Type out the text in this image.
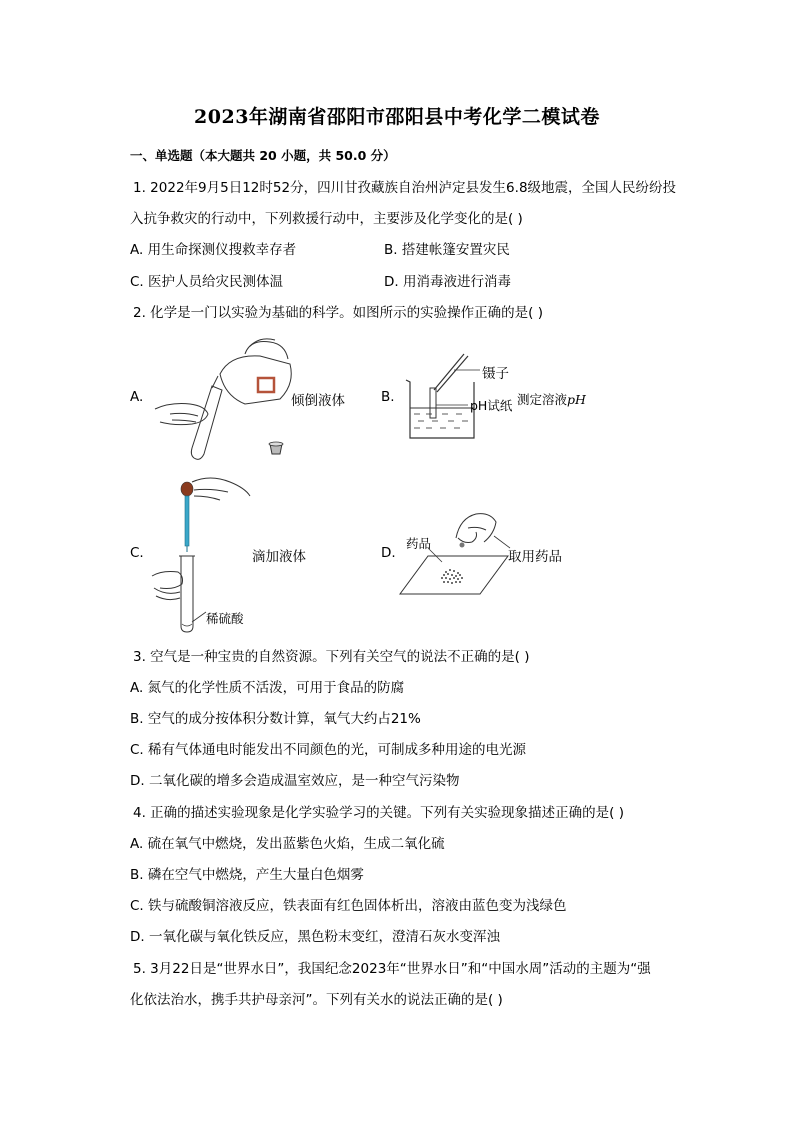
2023年湖南省邵阳市邵阳县中考化学二模试卷
一、单选题（本大题共 20 小题，共 50.0 分）
1. 2022年9月5日12时52分，四川甘孜藏族自治州泸定县发生6.8级地震，全国人民纷纷投
入抗争救灾的行动中，下列救援行动中，主要涉及化学变化的是( )
A. 用生命探测仪搜救幸存者	B. 搭建帐篷安置灾民
C. 医护人员给灾民测体温	D. 用消毒液进行消毒
2. 化学是一门以实验为基础的科学。如图所示的实验操作正确的是( )
A.	倾倒液体	B.
镊子
pH试纸 测定溶液pH
C.	滴加液体
稀硫酸
D.
药品
取用药品
3. 空气是一种宝贵的自然资源。下列有关空气的说法不正确的是( )
A. 氮气的化学性质不活泼，可用于食品的防腐
B. 空气的成分按体积分数计算，氧气大约占21%
C. 稀有气体通电时能发出不同颜色的光，可制成多种用途的电光源
D. 二氧化碳的增多会造成温室效应，是一种空气污染物
4. 正确的描述实验现象是化学实验学习的关键。下列有关实验现象描述正确的是( )
A. 硫在氧气中燃烧，发出蓝紫色火焰，生成二氧化硫
B. 磷在空气中燃烧，产生大量白色烟雾
C. 铁与硫酸铜溶液反应，铁表面有红色固体析出，溶液由蓝色变为浅绿色
D. 一氧化碳与氧化铁反应，黑色粉末变红，澄清石灰水变浑浊
5. 3月22日是“世界水日”，我国纪念2023年“世界水日”和“中国水周”活动的主题为“强
化依法治水，携手共护母亲河”。下列有关水的说法正确的是( )
